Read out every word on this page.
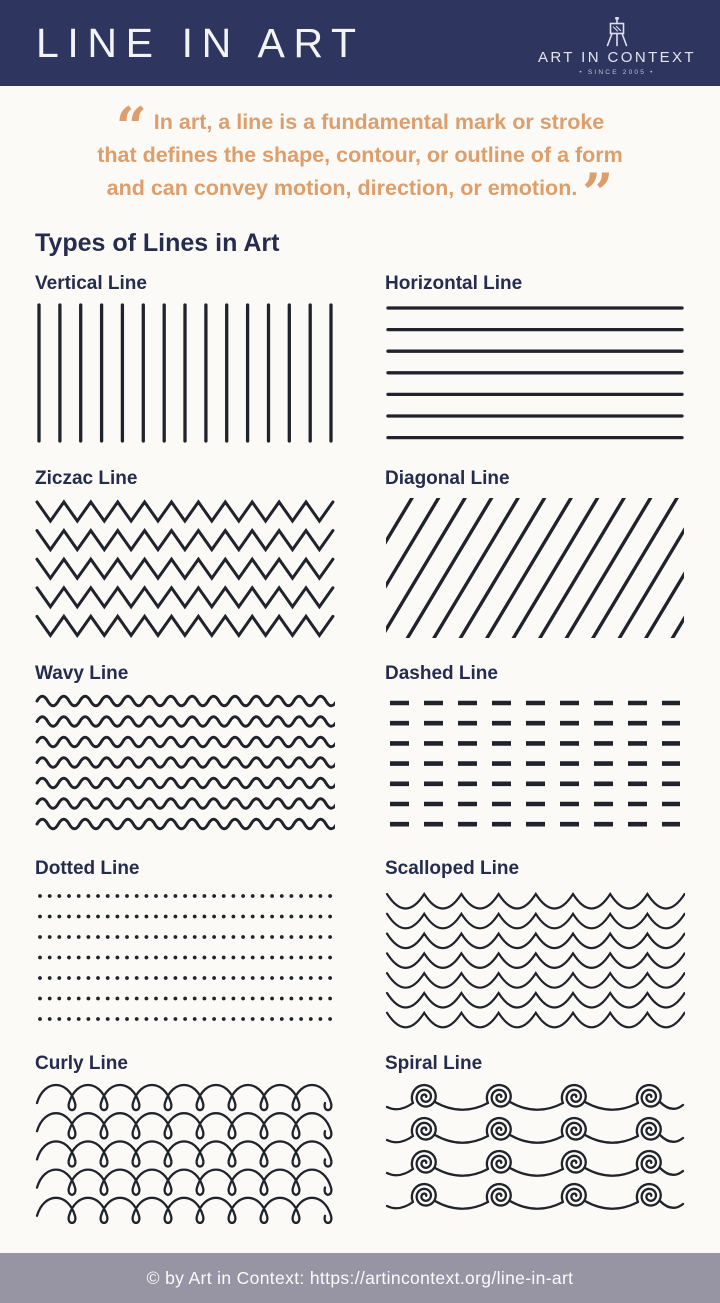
LINE IN ART	ART IN CONTEXT
• SINCE 2005 •
“ In art, a line is a fundamental mark or stroke
that defines the shape, contour, or outline of a form
and can convey motion, direction, or emotion.”
Types of Lines in Art
Vertical Line	Horizontal Line
Ziczac Line	Diagonal Line
Wavy Line	Dashed Line
Dotted Line	Scalloped Line
Curly Line	Spiral Line
© by Art in Context: https://artincontext.org/line-in-art
